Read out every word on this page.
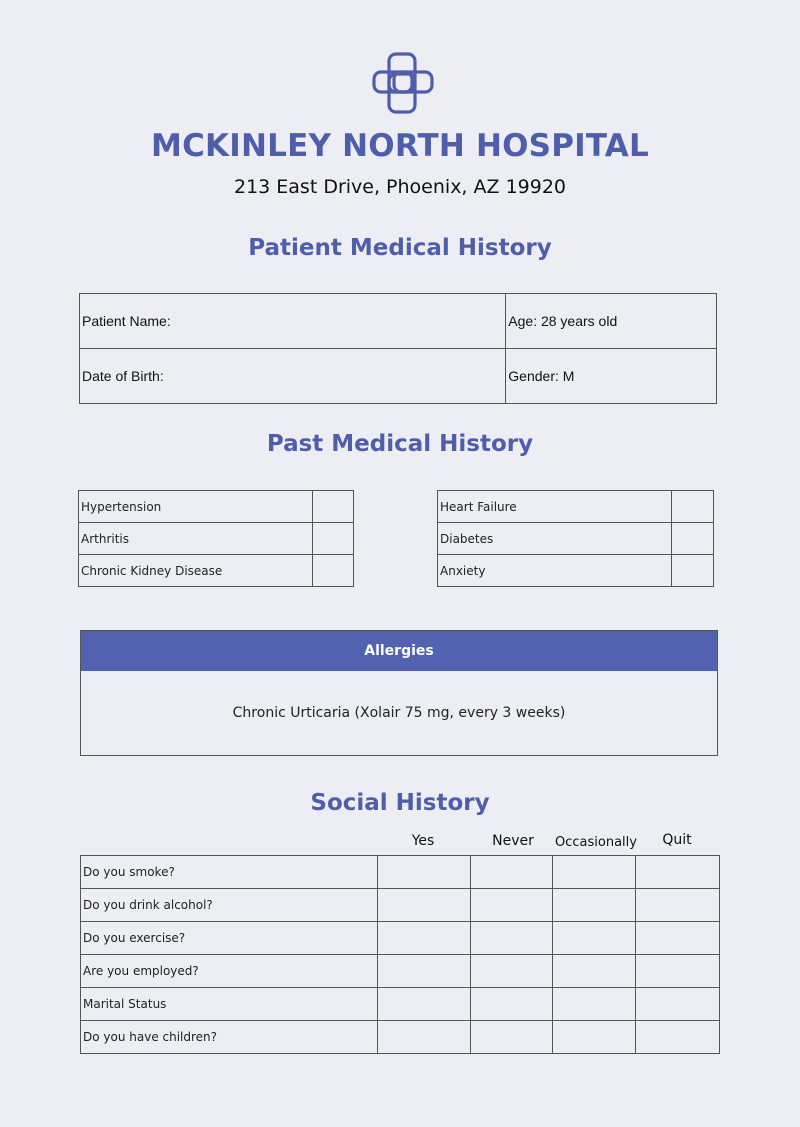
MCKINLEY NORTH HOSPITAL
213 East Drive, Phoenix, AZ 19920
Patient Medical History
Patient Name:	Age: 28 years old
Date of Birth:	Gender: M
Past Medical History
Hypertension	
Arthritis	
Chronic Kidney Disease	
Heart Failure	
Diabetes	
Anxiety	
Allergies
Chronic Urticaria (Xolair 75 mg, every 3 weeks)
Social History
Yes	Never	Occasionally	Quit
Do you smoke?				
Do you drink alcohol?				
Do you exercise?				
Are you employed?				
Marital Status				
Do you have children?				
